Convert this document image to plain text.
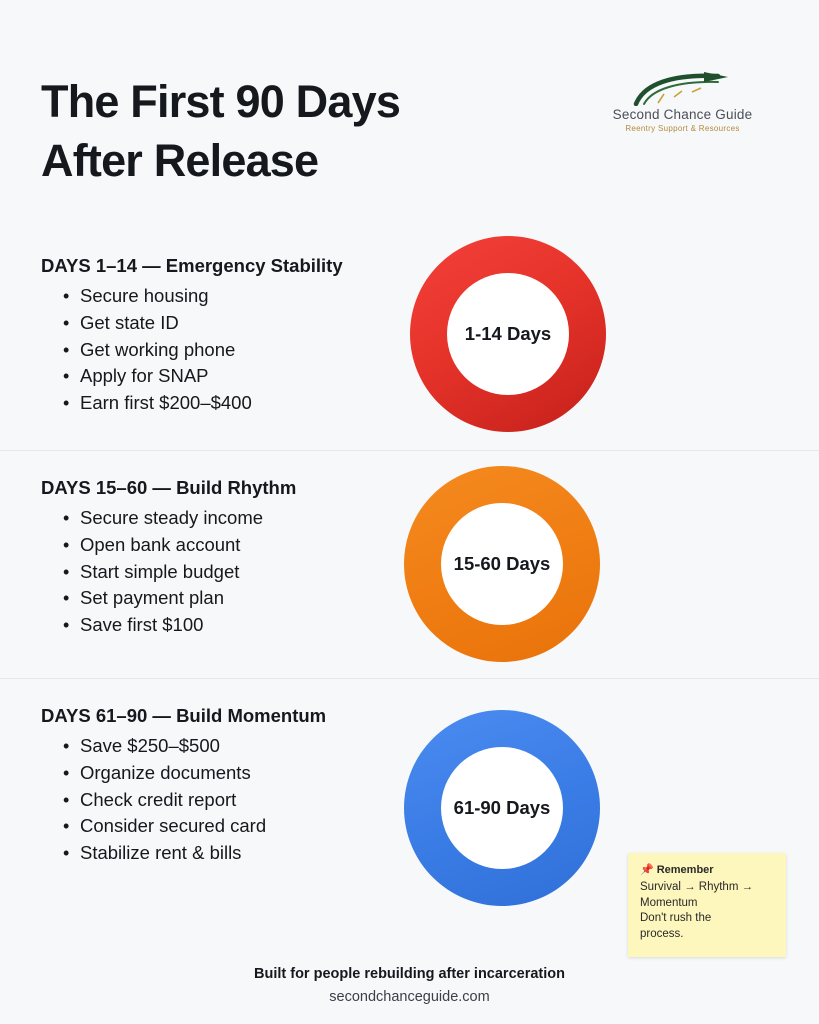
The First 90 Days
After Release
Second Chance Guide
Reentry Support & Resources
DAYS 1–14 — Emergency Stability
• Secure housing
• Get state ID
• Get working phone
• Apply for SNAP
• Earn first $200–$400
1-14 Days
DAYS 15–60 — Build Rhythm
• Secure steady income
• Open bank account
• Start simple budget
• Set payment plan
• Save first $100
15-60 Days
DAYS 61–90 — Build Momentum
• Save $250–$500
• Organize documents
• Check credit report
• Consider secured card
• Stabilize rent & bills
61-90 Days
📌 Remember
Survival → Rhythm →
Momentum
Don't rush the
process.
Built for people rebuilding after incarceration
secondchanceguide.com
